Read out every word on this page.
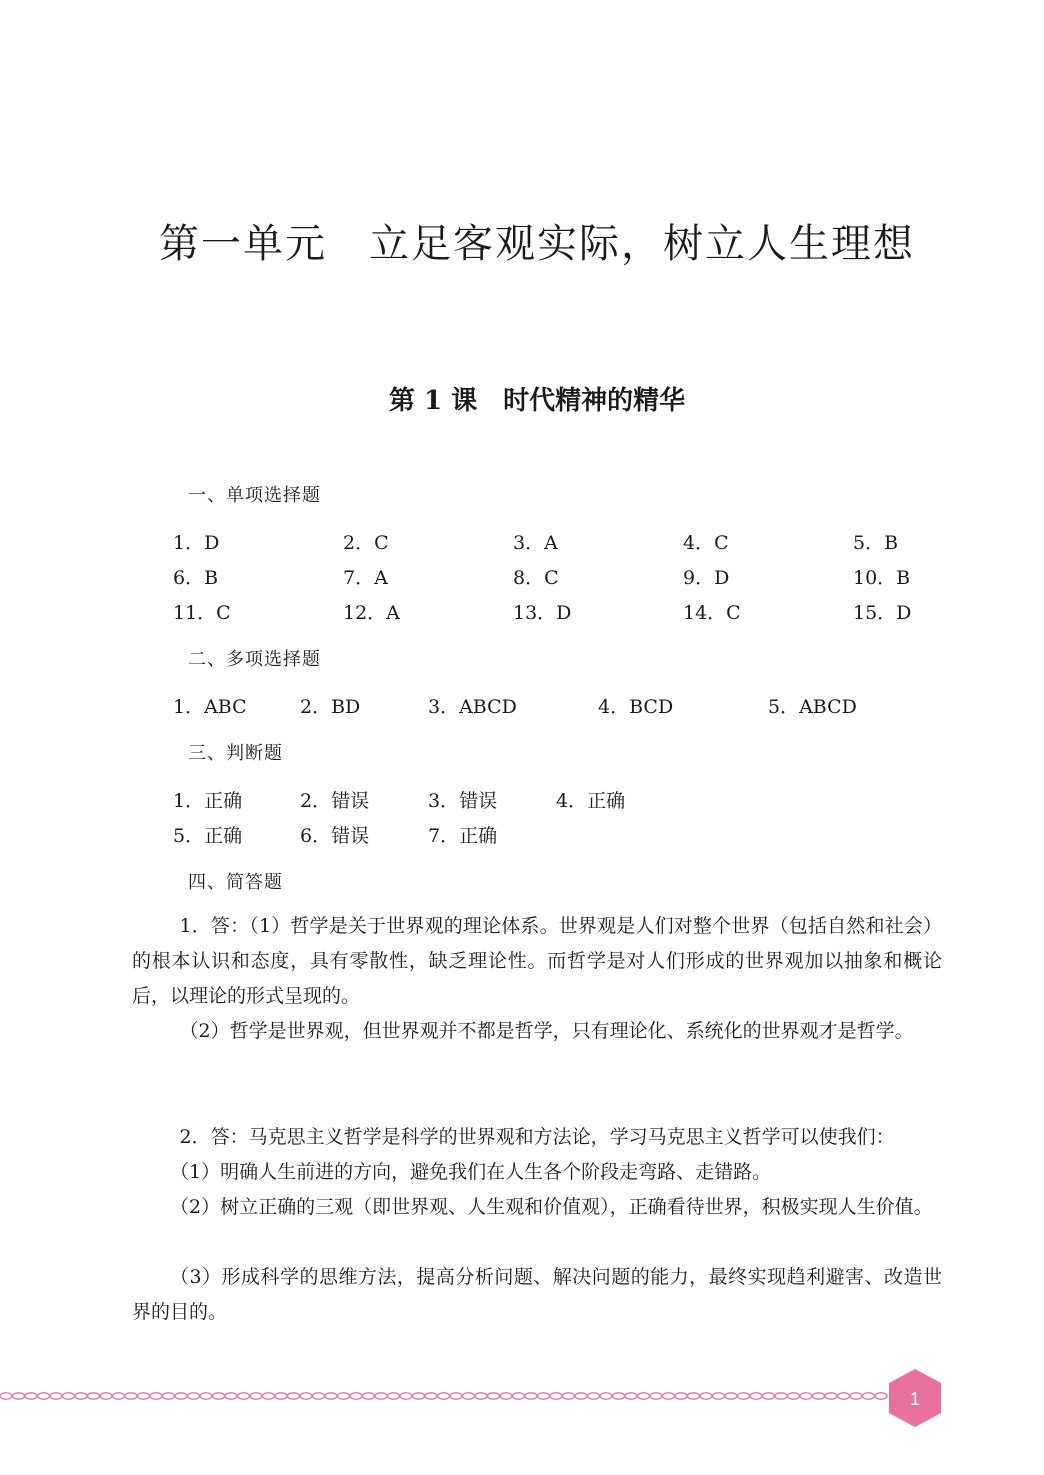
第一单元　立足客观实际，树立人生理想
第 1 课　时代精神的精华
一、单项选择题
1．D	2．C	3．A	4．C	5．B
6．B	7．A	8．C	9．D	10．B
11．C	12．A	13．D	14．C	15．D
二、多项选择题
1．ABC	2．BD	3．ABCD	4．BCD	5．ABCD
三、判断题
1．正确	2．错误	3．错误	4．正确
5．正确	6．错误	7．正确
四、简答题

1．答：（1）哲学是关于世界观的理论体系。世界观是人们对整个世界（包括自然和社会）的根本认识和态度，具有零散性，缺乏理论性。而哲学是对人们形成的世界观加以抽象和概论后，以理论的形式呈现的。

（2）哲学是世界观，但世界观并不都是哲学，只有理论化、系统化的世界观才是哲学。

2．答：马克思主义哲学是科学的世界观和方法论，学习马克思主义哲学可以使我们：

（1）明确人生前进的方向，避免我们在人生各个阶段走弯路、走错路。

（2）树立正确的三观（即世界观、人生观和价值观），正确看待世界，积极实现人生价值。

（3）形成科学的思维方法，提高分析问题、解决问题的能力，最终实现趋利避害、改造世界的目的。

1
